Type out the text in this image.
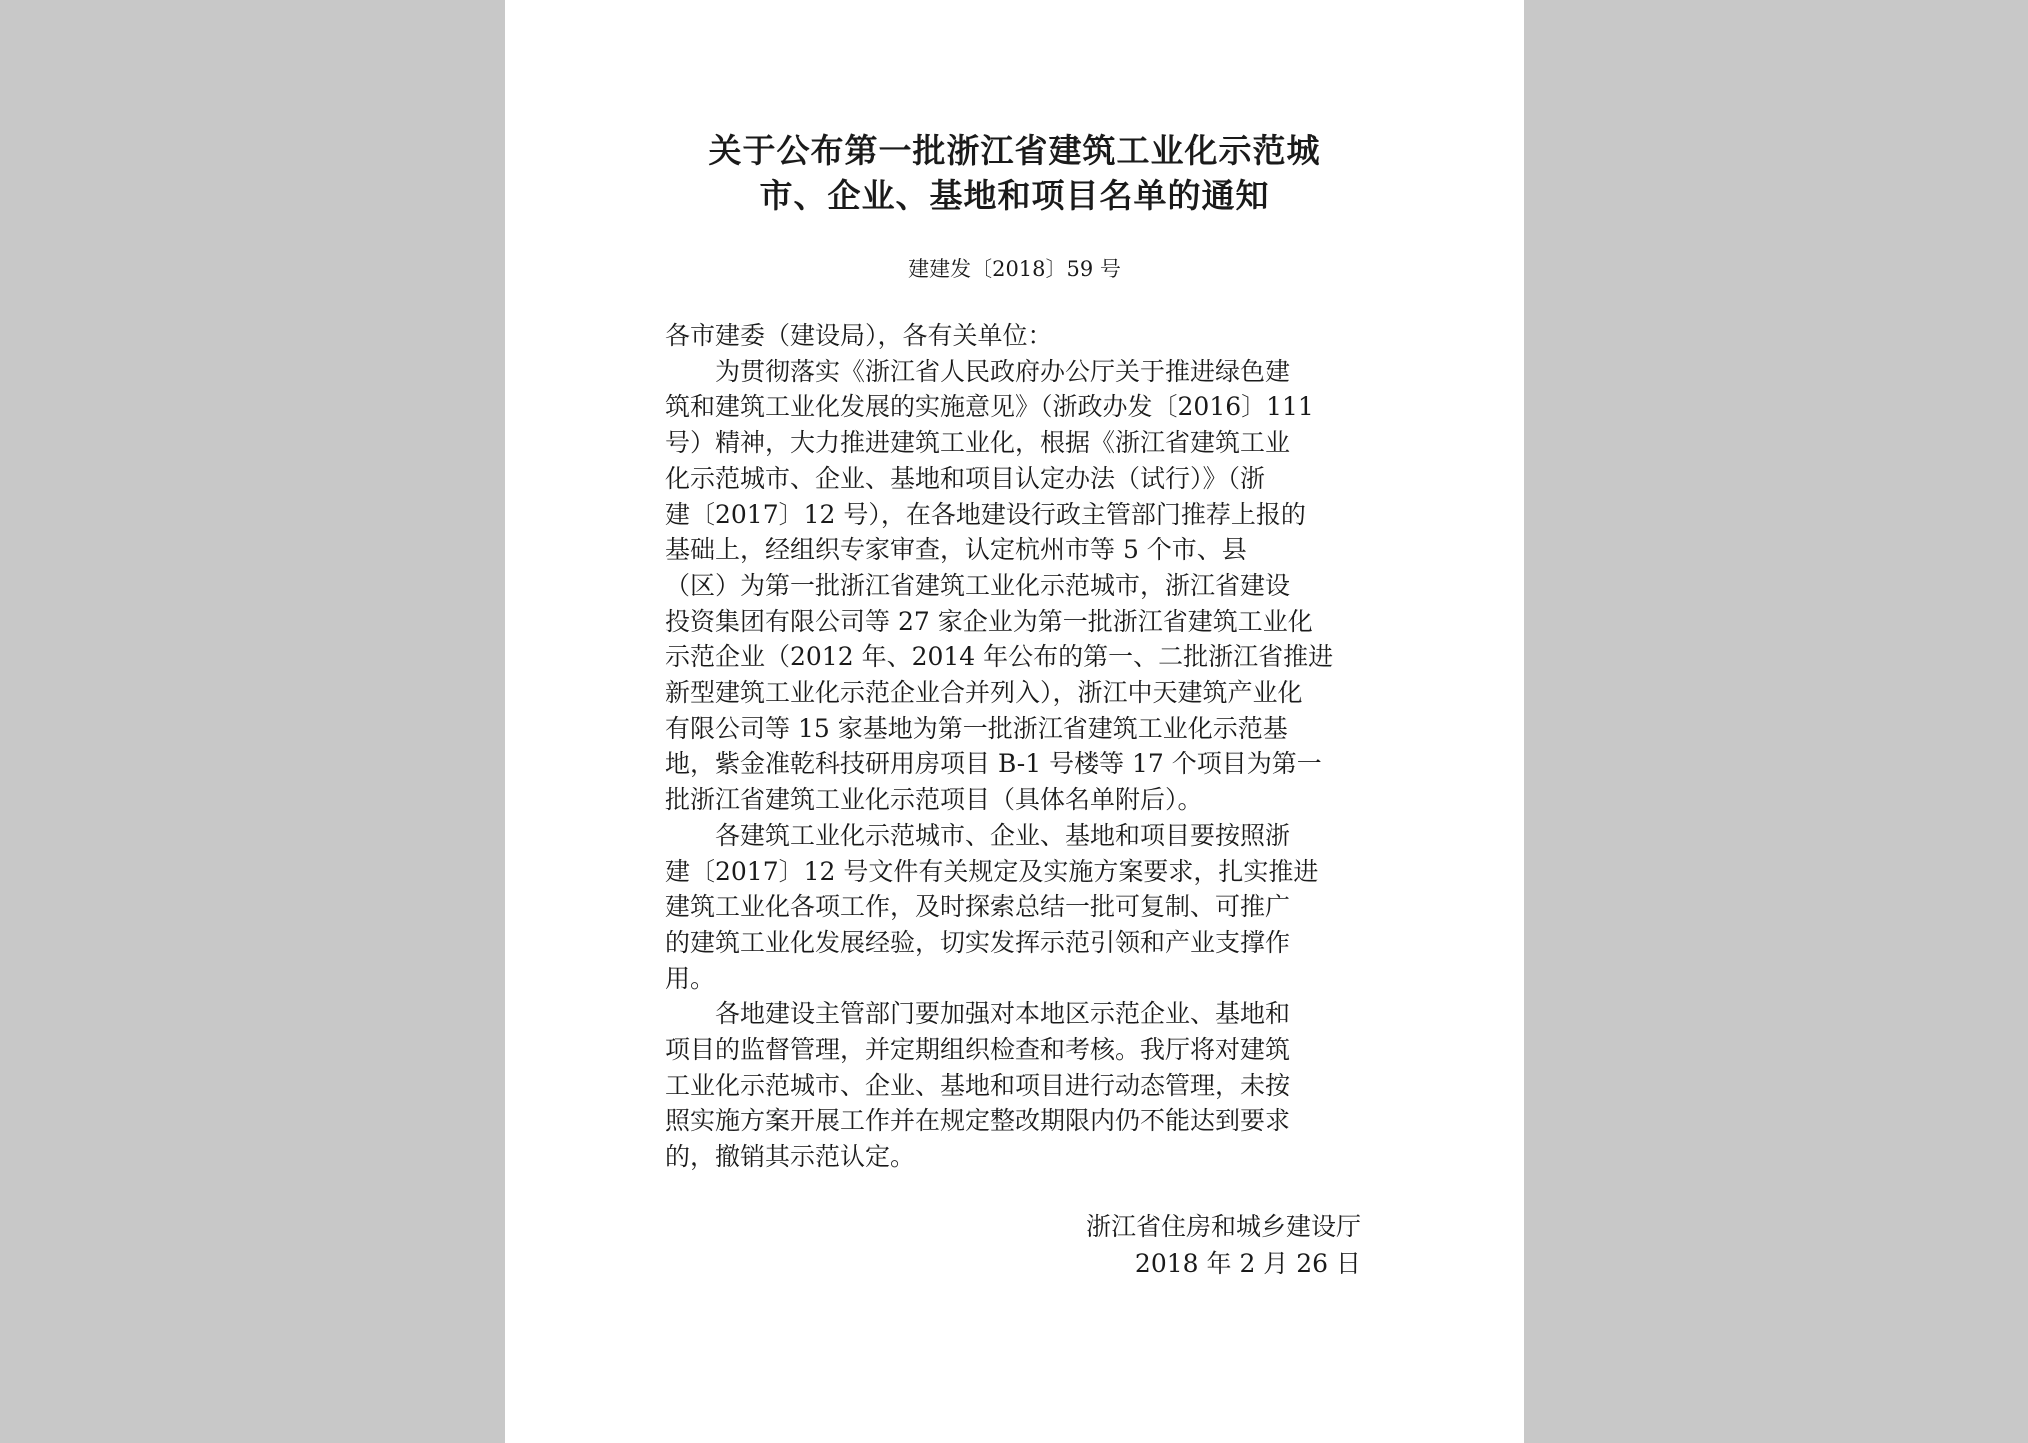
关于公布第一批浙江省建筑工业化示范城
市、企业、基地和项目名单的通知
建建发〔2018〕59 号
各市建委（建设局），各有关单位：
为贯彻落实《浙江省人民政府办公厅关于推进绿色建
筑和建筑工业化发展的实施意见》（浙政办发〔2016〕111
号）精神，大力推进建筑工业化，根据《浙江省建筑工业
化示范城市、企业、基地和项目认定办法（试行）》（浙
建〔2017〕12 号），在各地建设行政主管部门推荐上报的
基础上，经组织专家审查，认定杭州市等 5 个市、县
（区）为第一批浙江省建筑工业化示范城市，浙江省建设
投资集团有限公司等 27 家企业为第一批浙江省建筑工业化
示范企业（2012 年、2014 年公布的第一、二批浙江省推进
新型建筑工业化示范企业合并列入），浙江中天建筑产业化
有限公司等 15 家基地为第一批浙江省建筑工业化示范基
地，紫金准乾科技研用房项目 B-1 号楼等 17 个项目为第一
批浙江省建筑工业化示范项目（具体名单附后）。
各建筑工业化示范城市、企业、基地和项目要按照浙
建〔2017〕12 号文件有关规定及实施方案要求，扎实推进
建筑工业化各项工作，及时探索总结一批可复制、可推广
的建筑工业化发展经验，切实发挥示范引领和产业支撑作
用。
各地建设主管部门要加强对本地区示范企业、基地和
项目的监督管理，并定期组织检查和考核。我厅将对建筑
工业化示范城市、企业、基地和项目进行动态管理，未按
照实施方案开展工作并在规定整改期限内仍不能达到要求
的，撤销其示范认定。
浙江省住房和城乡建设厅
2018 年 2 月 26 日
